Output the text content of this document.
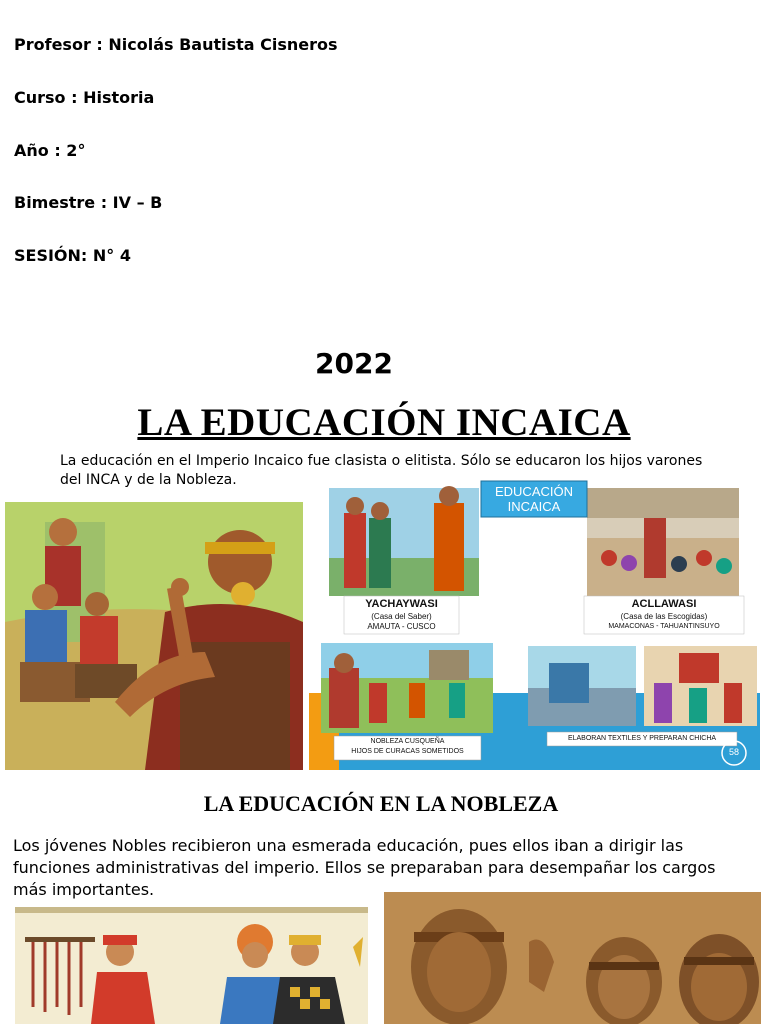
Profesor : Nicolás Bautista Cisneros
Curso : Historia
Año : 2°
Bimestre : IV – B
SESIÓN: N° 4
2022
LA EDUCACIÓN INCAICA
La educación en el Imperio Incaico fue clasista o elitista. Sólo se educaron los hijos varones del INCA y de la Nobleza.
EDUCACIÓN
INCAICA
YACHAYWASI
(Casa del Saber)
AMAUTA - CUSCO
ACLLAWASI
(Casa de las Escogidas)
MAMACONAS - TAHUANTINSUYO
NOBLEZA CUSQUEÑA
HIJOS DE CURACAS SOMETIDOS
ELABORAN TEXTILES Y PREPARAN CHICHA
58
LA EDUCACIÓN EN LA NOBLEZA
Los jóvenes Nobles recibieron una esmerada educación, pues ellos iban a dirigir las funciones administrativas del imperio. Ellos se preparaban para desempañar los cargos más importantes.
